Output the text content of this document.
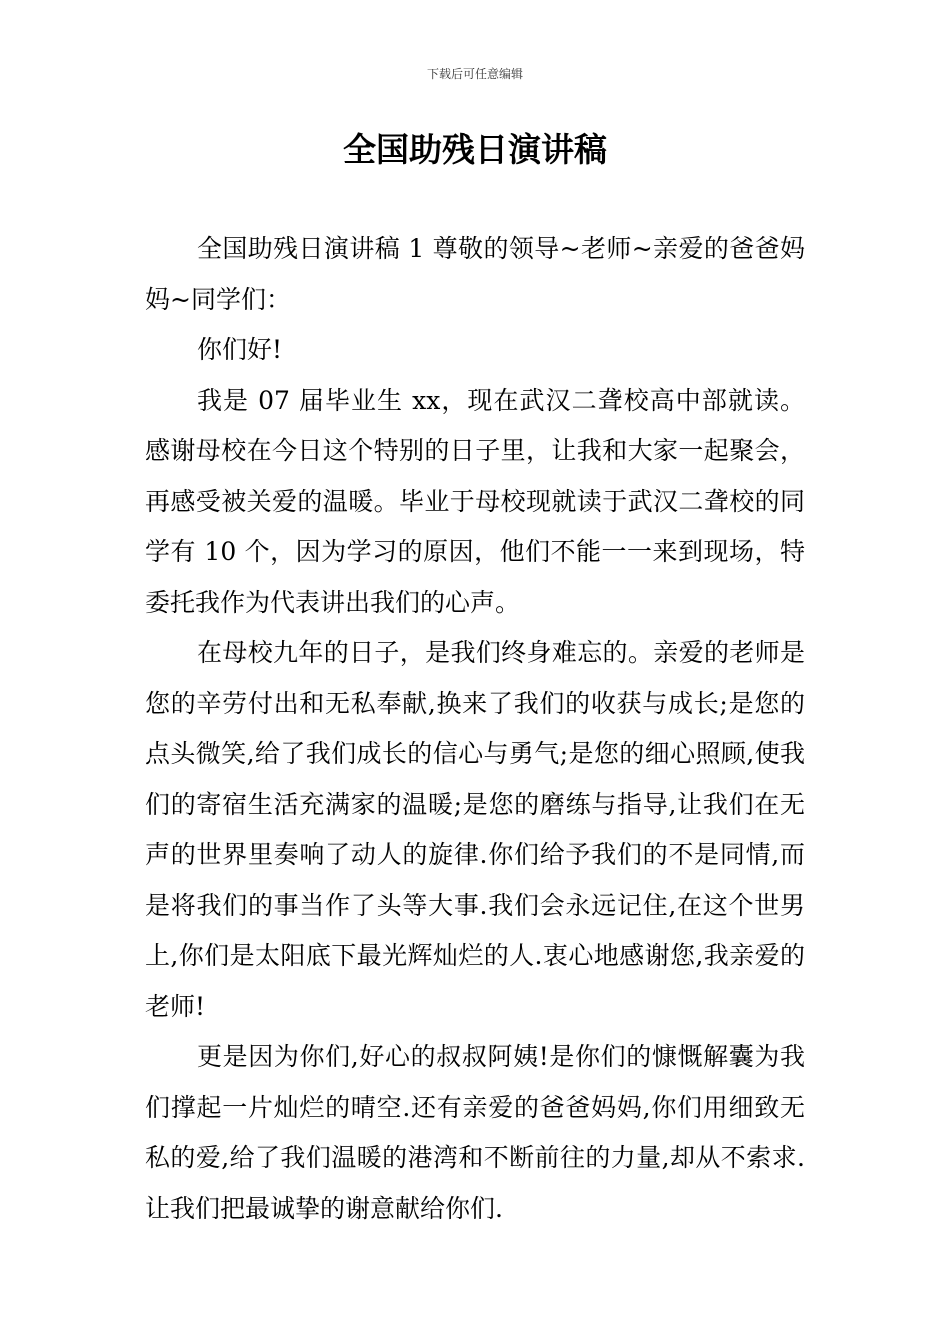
下载后可任意编辑
全国助残日演讲稿

全国助残日演讲稿 1 尊敬的领导~老师~亲爱的爸爸妈妈~同学们：

你们好!

我是 07 届毕业生 xx，现在武汉二聋校高中部就读。感谢母校在今日这个特别的日子里，让我和大家一起聚会，再感受被关爱的温暖。毕业于母校现就读于武汉二聋校的同学有 10 个，因为学习的原因，他们不能一一来到现场，特委托我作为代表讲出我们的心声。

在母校九年的日子，是我们终身难忘的。亲爱的老师是您的辛劳付出和无私奉献,换来了我们的收获与成长;是您的点头微笑,给了我们成长的信心与勇气;是您的细心照顾,使我们的寄宿生活充满家的温暖;是您的磨练与指导,让我们在无声的世界里奏响了动人的旋律.你们给予我们的不是同情,而是将我们的事当作了头等大事.我们会永远记住,在这个世男上,你们是太阳底下最光辉灿烂的人.衷心地感谢您,我亲爱的老师!

更是因为你们,好心的叔叔阿姨!是你们的慷慨解囊为我们撑起一片灿烂的晴空.还有亲爱的爸爸妈妈,你们用细致无私的爱,给了我们温暖的港湾和不断前往的力量,却从不索求.让我们把最诚挚的谢意献给你们.
